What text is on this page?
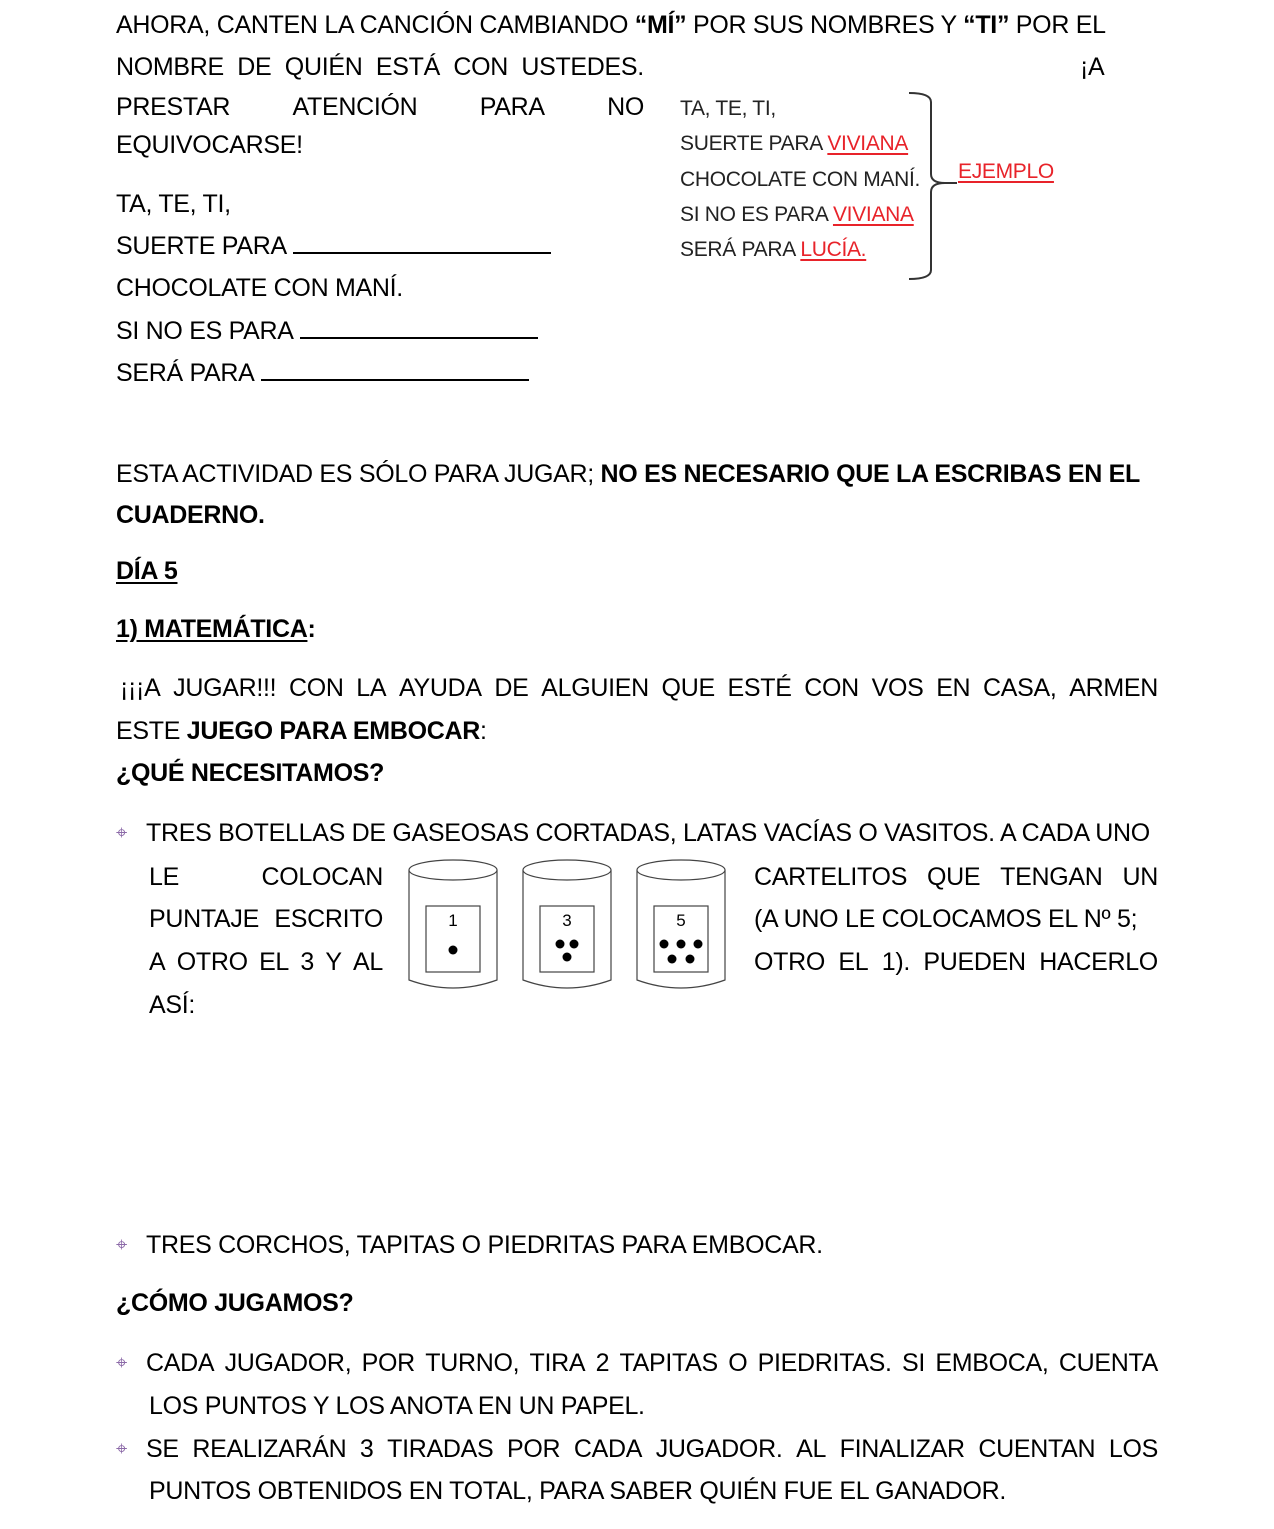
AHORA, CANTEN LA CANCIÓN CAMBIANDO “MÍ” POR SUS NOMBRES Y “TI” POR EL
NOMBRE DE QUIÉN ESTÁ CON USTEDES.	¡A
PRESTAR ATENCIÓN PARA NO
EQUIVOCARSE!
TA, TE, TI,
SUERTE PARA
CHOCOLATE CON MANÍ.
SI NO ES PARA
SERÁ PARA
TA, TE, TI,
SUERTE PARA VIVIANA
CHOCOLATE CON MANÍ.
SI NO ES PARA VIVIANA
SERÁ PARA LUCÍA.
EJEMPLO
ESTA ACTIVIDAD ES SÓLO PARA JUGAR; NO ES NECESARIO QUE LA ESCRIBAS EN EL
CUADERNO.
DÍA 5
1) MATEMÁTICA:
¡¡¡A JUGAR!!! CON LA AYUDA DE ALGUIEN QUE ESTÉ CON VOS EN CASA, ARMEN
ESTE JUEGO PARA EMBOCAR:
¿QUÉ NECESITAMOS?
⌖ TRES BOTELLAS DE GASEOSAS CORTADAS, LATAS VACÍAS O VASITOS. A CADA UNO
LE	COLOCAN
PUNTAJE ESCRITO
A OTRO EL 3 Y AL
CARTELITOS QUE TENGAN UN
(A UNO LE COLOCAMOS EL Nº 5;
OTRO EL 1). PUEDEN HACERLO
ASÍ:
1	3	5
⌖ TRES CORCHOS, TAPITAS O PIEDRITAS PARA EMBOCAR.
¿CÓMO JUGAMOS?
⌖ CADA JUGADOR, POR TURNO, TIRA 2 TAPITAS O PIEDRITAS. SI EMBOCA, CUENTA
LOS PUNTOS Y LOS ANOTA EN UN PAPEL.
⌖ SE REALIZARÁN 3 TIRADAS POR CADA JUGADOR. AL FINALIZAR CUENTAN LOS
PUNTOS OBTENIDOS EN TOTAL, PARA SABER QUIÉN FUE EL GANADOR.
